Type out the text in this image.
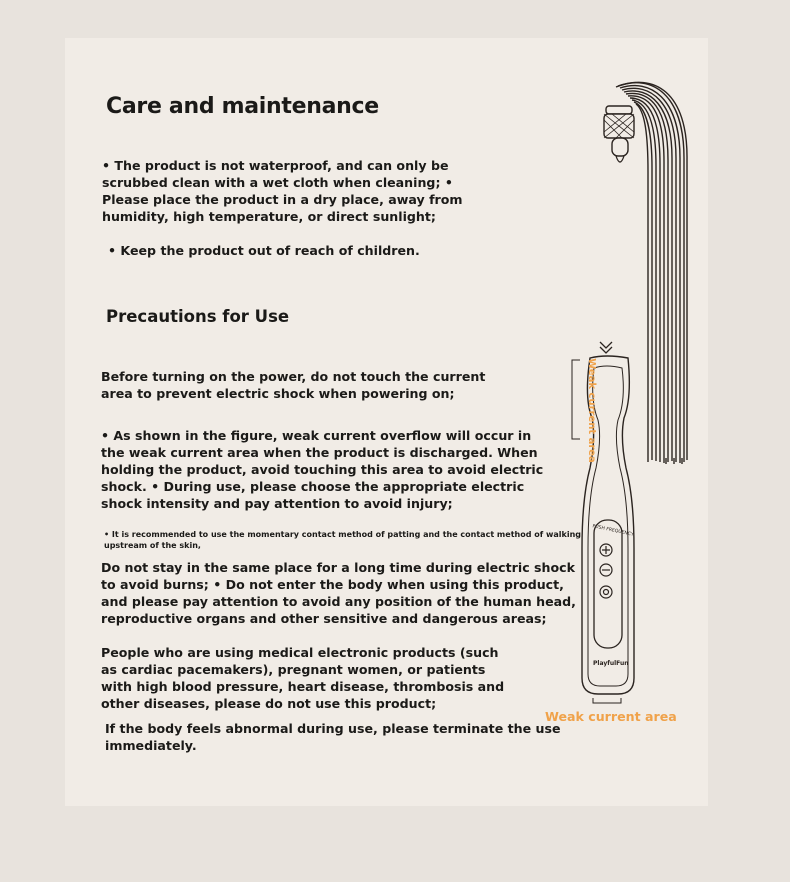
Care and maintenance
• The product is not waterproof, and can only be
scrubbed clean with a wet cloth when cleaning; •
Please place the product in a dry place, away from
humidity, high temperature, or direct sunlight;
• Keep the product out of reach of children.
Precautions for Use
Before turning on the power, do not touch the current
area to prevent electric shock when powering on;
• As shown in the figure, weak current overflow will occur in
the weak current area when the product is discharged. When
holding the product, avoid touching this area to avoid electric
shock. • During use, please choose the appropriate electric
shock intensity and pay attention to avoid injury;
• It is recommended to use the momentary contact method of patting and the contact method of walking
upstream of the skin,
Do not stay in the same place for a long time during electric shock
to avoid burns; • Do not enter the body when using this product,
and please pay attention to avoid any position of the human head,
reproductive organs and other sensitive and dangerous areas;
People who are using medical electronic products (such
as cardiac pacemakers), pregnant women, or patients
with high blood pressure, heart disease, thrombosis and
other diseases, please do not use this product;
If the body feels abnormal during use, please terminate the use
immediately.
PUSH FREQUENCY
PlayfulFun
Weak current area
Weak current area
